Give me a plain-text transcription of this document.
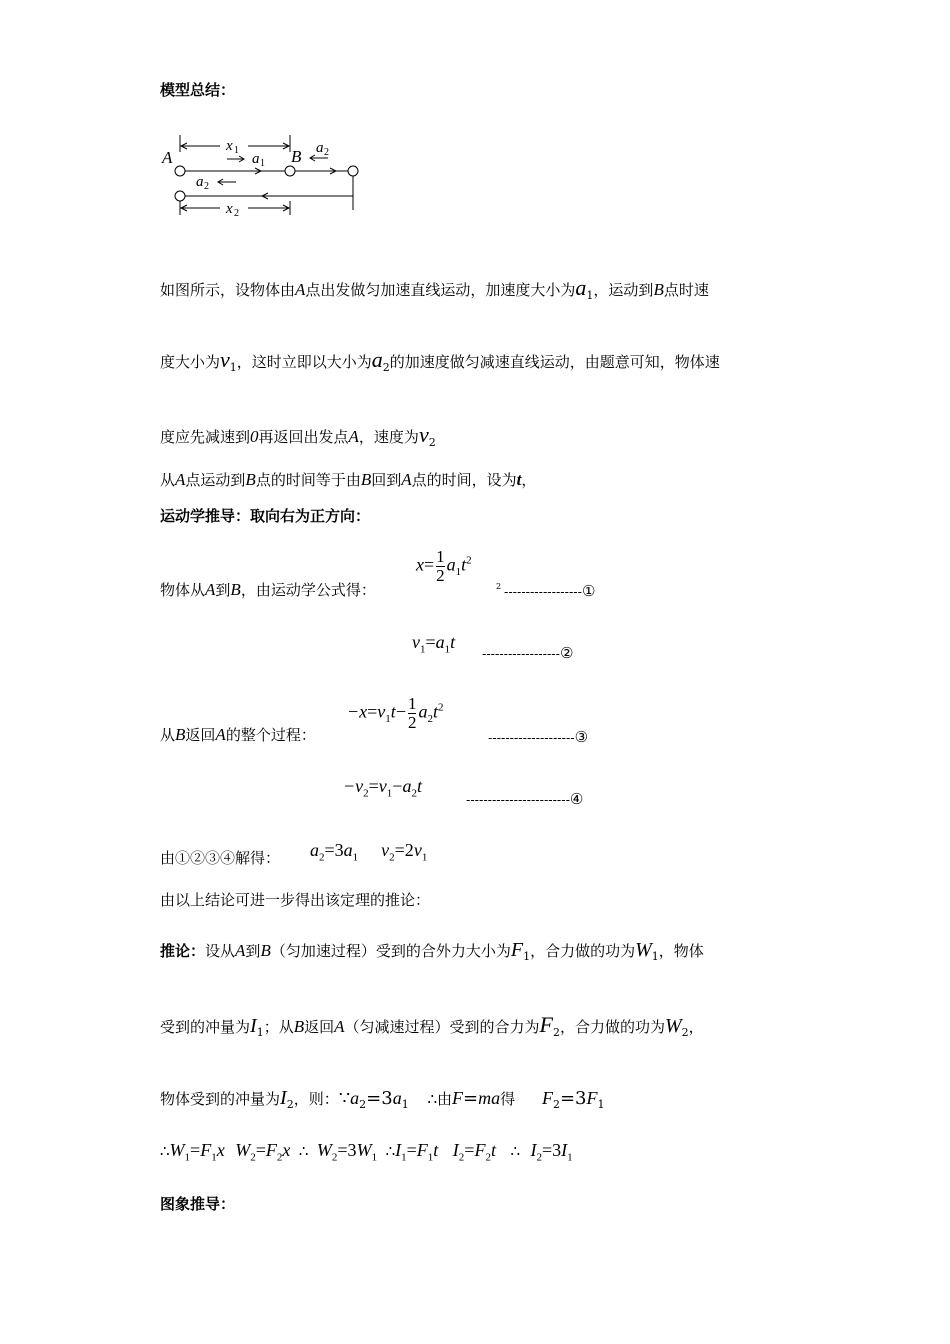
模型总结：
A	B
x 1
a 1
a 2
a 2
x 2
如图所示，设物体由A点出发做匀加速直线运动，加速度大小为$a_1$，运动到B点时速
度大小为$v_1$，这时立即以大小为$a_2$的加速度做匀减速直线运动，由题意可知，物体速
度应先减速到0再返回出发点A，速度为$v_2$
从A点运动到B点的时间等于由B回到A点的时间，设为t，
运动学推导：取向右为正方向：
物体从A到B，由运动学公式得：
$x= \frac{1}{2} a_1t^2$
2 ------------------①
$v_1=a_1t$
------------------②
从B返回A的整个过程：
$-x=v_1t- \frac{1}{2} a_2t^2$
--------------------③
$-v_2=v_1-a_2t$
------------------------④
由①②③④解得： $a_2=3a_1$ $v_2=2v_1$
由以上结论可进一步得出该定理的推论：
推论：设从A到B（匀加速过程）受到的合外力大小为$F_1$，合力做的功为$W_1$，物体
受到的冲量为$I_1$；从B返回A（匀减速过程）受到的合力为$F_2$，合力做的功为$W_2$，
物体受到的冲量为$I_2$，则：$\because a_2=3a_1$ ∴由F=ma得 $F_2=3F_1$
$\therefore W_1=F_1x$ $W_2=F_2x$ ∴ $W_2=3W_1$ $\therefore I_1=F_1t$ $I_2=F_2t$ ∴ $I_2=3I_1$
图象推导：
